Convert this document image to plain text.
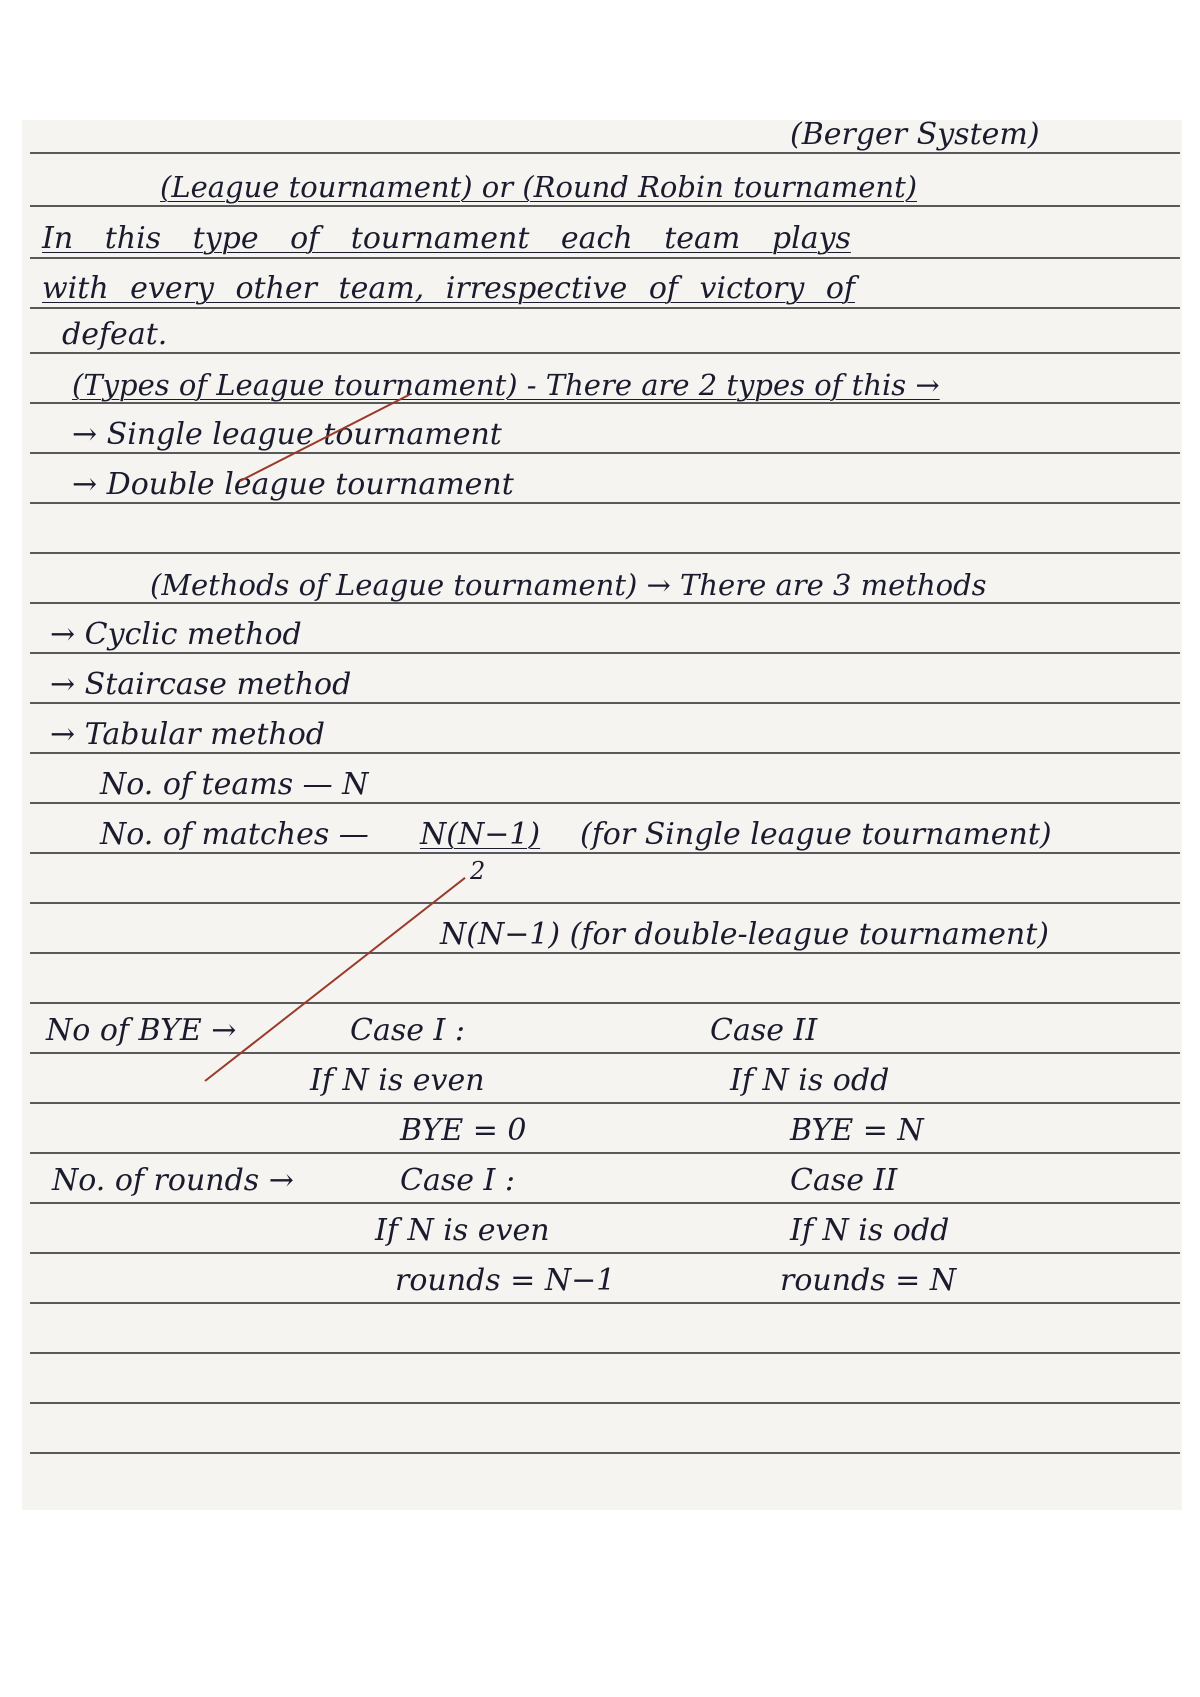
(Berger System)
(League tournament) or (Round Robin tournament)
In this type of tournament each team plays
with every other team, irrespective of victory of
defeat.
(Types of League tournament) - There are 2 types of this →
→ Single league tournament
→ Double league tournament
(Methods of League tournament) → There are 3 methods
→ Cyclic method
→ Staircase method
→ Tabular method
No. of teams — N
No. of matches — N(N−1)
2
(for Single league tournament)
N(N−1) (for double-league tournament)
No of BYE →	Case I :
If N is even
BYE = 0
Case II
If N is odd
BYE = N
No. of rounds →	Case I :
If N is even
rounds = N−1
Case II
If N is odd
rounds = N
